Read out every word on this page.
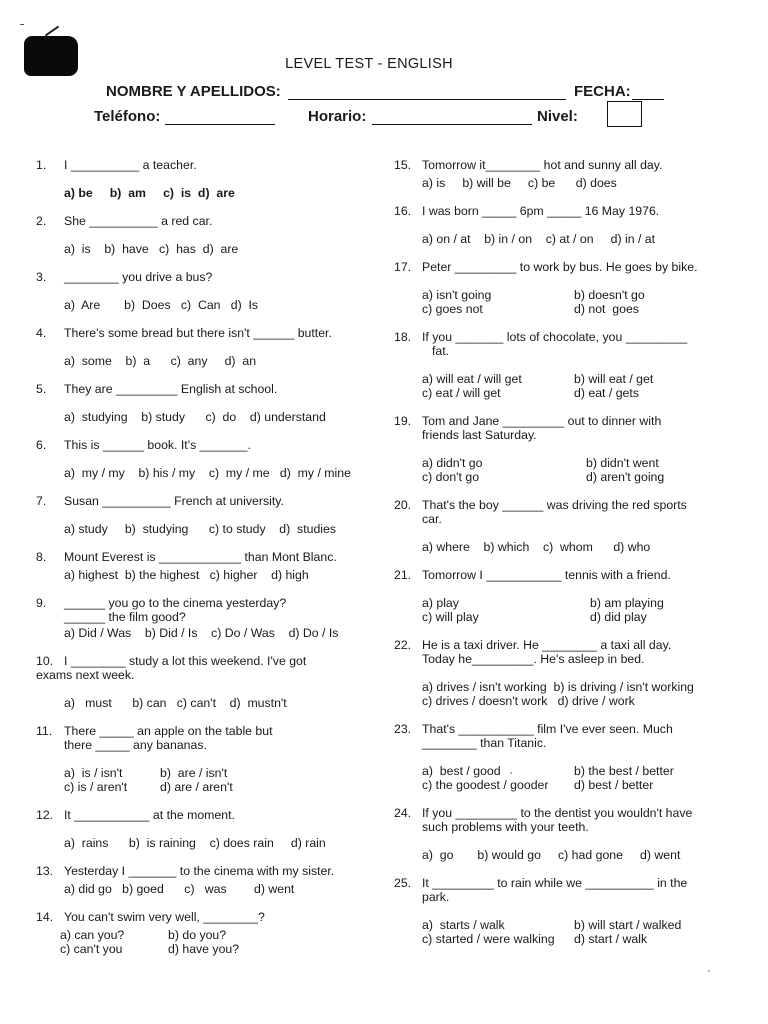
LEVEL TEST - ENGLISH
NOMBRE Y APELLIDOS:	FECHA:
Teléfono:	Horario:	Nivel:
1.	I __________ a teacher.
a) be     b)  am     c)  is  d)  are
2.	She __________ a red car.
a)  is    b)  have   c)  has  d)  are
3.	________ you drive a bus?
a)  Are       b)  Does   c)  Can   d)  Is
4.	There's some bread but there isn't ______ butter.
a)  some    b)  a      c)  any     d)  an
5.	They are _________ English at school.
a)  studying    b) study      c)  do    d) understand
6.	This is ______ book. It's _______.
a)  my / my    b) his / my    c)  my / me   d)  my / mine
7.	Susan __________ French at university.
a) study     b)  studying      c) to study    d)  studies
8.	Mount Everest is ____________ than Mont Blanc.
a) highest  b) the highest   c) higher    d) high
9.	______ you go to the cinema yesterday?
______ the film good?
a) Did / Was    b) Did / Is    c) Do / Was    d) Do / Is
10. I ________ study a lot this weekend. I've got
exams next week.
a)   must      b) can   c) can't    d)  mustn't
11. There _____ an apple on the table but
there _____ any bananas.
a)  is / isn't	b)  are / isn't
c) is / aren't	d) are / aren't
12. It ___________ at the moment.
a)  rains      b)  is raining    c) does rain     d) rain
13. Yesterday I _______ to the cinema with my sister.
a) did go   b) goed      c)   was        d) went
14. You can't swim very well, ________?
a) can you?	b) do you?
c) can't you	d) have you?
15. Tomorrow it________ hot and sunny all day.
a) is     b) will be     c) be      d) does
16. I was born _____ 6pm _____ 16 May 1976.
a) on / at    b) in / on    c) at / on     d) in / at
17. Peter _________ to work by bus. He goes by bike.
a) isn't going	b) doesn't go
c) goes not	d) not  goes
18. If you _______ lots of chocolate, you _________
fat.
a) will eat / will get	b) will eat / get
c) eat / will get	d) eat / gets
19. Tom and Jane _________ out to dinner with
friends last Saturday.
a) didn't go	b) didn't went
c) don't go	d) aren't going
20. That's the boy ______ was driving the red sports
car.
a) where    b) which    c)  whom      d) who
21. Tomorrow I ___________ tennis with a friend.
a) play	b) am playing
c) will play	d) did play
22. He is a taxi driver. He ________ a taxi all day.
Today he_________. He's asleep in bed.
a) drives / isn't working  b) is driving / isn't working
c) drives / doesn't work   d) drive / work
23. That's ___________ film I've ever seen. Much
________ than Titanic.
a)  best / good	b) the best / better
c) the goodest / gooder	d) best / better
24. If you _________ to the dentist you wouldn't have
such problems with your teeth.
a)  go       b) would go     c) had gone     d) went
25. It _________ to rain while we __________ in the
park.
a)  starts / walk	b) will start / walked
c) started / were walking	d) start / walk
